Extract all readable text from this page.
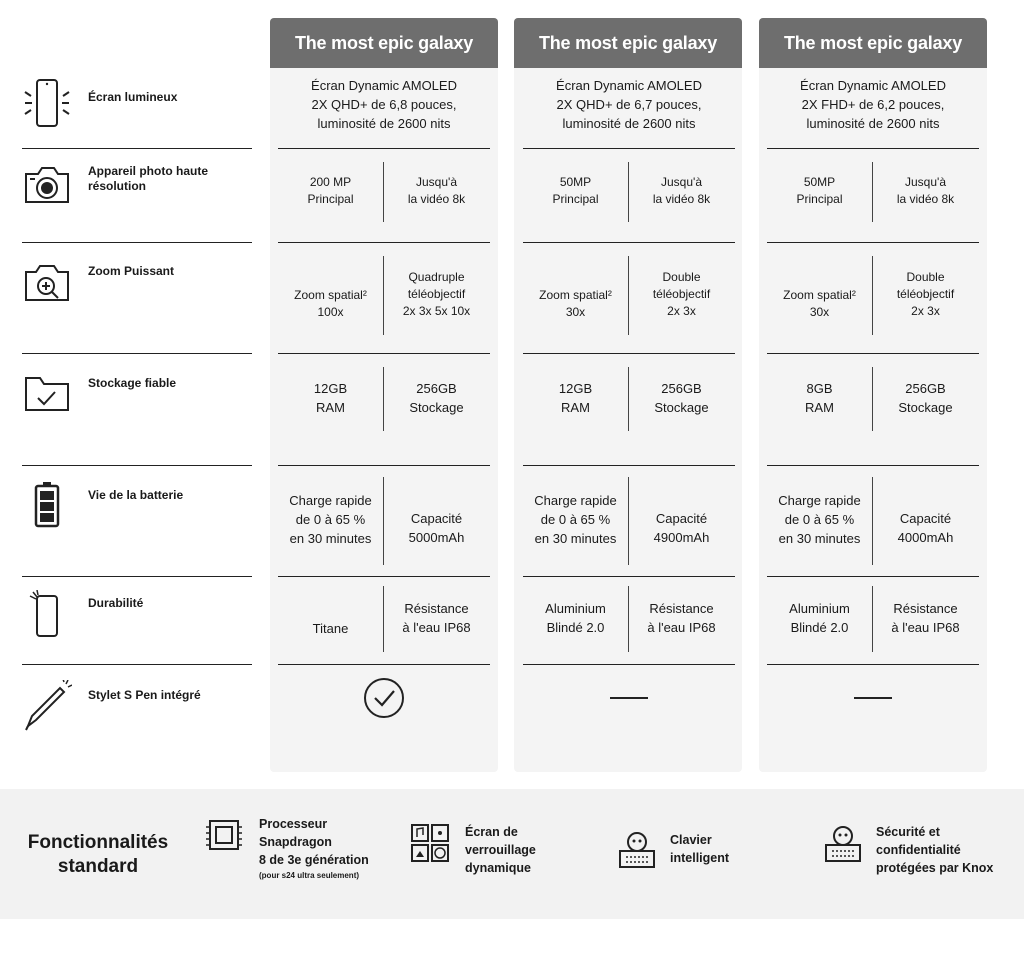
The most epic galaxy	The most epic galaxy	The most epic galaxy
Écran lumineux
Appareil photo haute résolution
Zoom Puissant
Stockage fiable
Vie de la batterie
Durabilité
Stylet S Pen intégré
Écran Dynamic AMOLED
2X QHD+ de 6,8 pouces,
luminosité de 2600 nits
200 MP
Principal
Jusqu'à
la vidéo 8k
Zoom spatial²
100x
Quadruple
téléobjectif
2x 3x 5x 10x
12GB
RAM
256GB
Stockage
Charge rapide
de 0 à 65 %
en 30 minutes
Capacité
5000mAh
Titane
Résistance
à l'eau IP68
Écran Dynamic AMOLED
2X QHD+ de 6,7 pouces,
luminosité de 2600 nits
50MP
Principal
Jusqu'à
la vidéo 8k
Zoom spatial²
30x
Double
téléobjectif
2x 3x
12GB
RAM
256GB
Stockage
Charge rapide
de 0 à 65 %
en 30 minutes
Capacité
4900mAh
Aluminium
Blindé 2.0
Résistance
à l'eau IP68
Écran Dynamic AMOLED
2X FHD+ de 6,2 pouces,
luminosité de 2600 nits
50MP
Principal
Jusqu'à
la vidéo 8k
Zoom spatial²
30x
Double
téléobjectif
2x 3x
8GB
RAM
256GB
Stockage
Charge rapide
de 0 à 65 %
en 30 minutes
Capacité
4000mAh
Aluminium
Blindé 2.0
Résistance
à l'eau IP68
Fonctionnalités
standard
Processeur
Snapdragon
8 de 3e génération
(pour s24 ultra seulement)
Écran de
verrouillage
dynamique
Clavier
intelligent
Sécurité et
confidentialité
protégées par Knox
